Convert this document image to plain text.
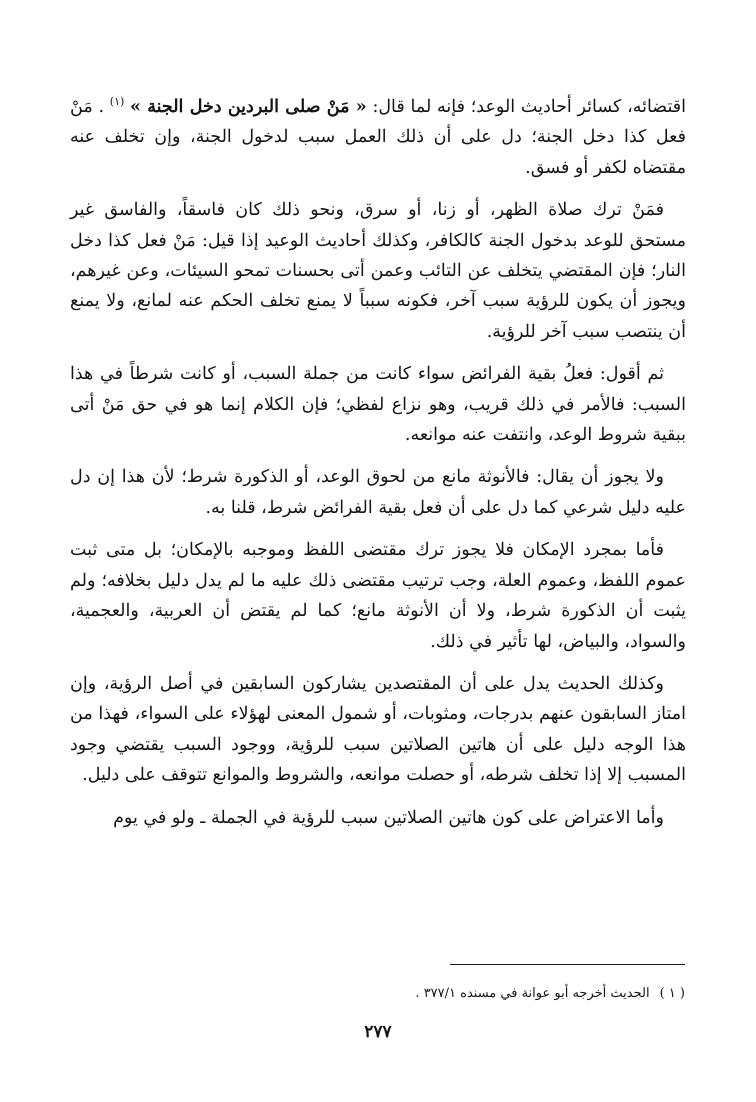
اقتضائه، كسائر أحاديث الوعد؛ فإنه لما قال: « مَنْ صلى البردين دخل الجنة » $^{(١)}$ . مَنْ فعل كذا دخل الجنة؛ دل على أن ذلك العمل سبب لدخول الجنة، وإن تخلف عنه مقتضاه لكفر أو فسق.

فمَنْ ترك صلاة الظهر، أو زنا، أو سرق، ونحو ذلك كان فاسقاً، والفاسق غير مستحق للوعد بدخول الجنة كالكافر، وكذلك أحاديث الوعيد إذا قيل: مَنْ فعل كذا دخل النار؛ فإن المقتضي يتخلف عن التائب وعمن أتى بحسنات تمحو السيئات، وعن غيرهم، ويجوز أن يكون للرؤية سبب آخر، فكونه سبباً لا يمنع تخلف الحكم عنه لمانع، ولا يمنع أن ينتصب سبب آخر للرؤية.

ثم أقول: فعلُ بقية الفرائض سواء كانت من جملة السبب، أو كانت شرطاً في هذا السبب: فالأمر في ذلك قريب، وهو نزاع لفظي؛ فإن الكلام إنما هو في حق مَنْ أتى ببقية شروط الوعد، وانتفت عنه موانعه.

ولا يجوز أن يقال: فالأنوثة مانع من لحوق الوعد، أو الذكورة شرط؛ لأن هذا إن دل عليه دليل شرعي كما دل على أن فعل بقية الفرائض شرط، قلنا به.

فأما بمجرد الإمكان فلا يجوز ترك مقتضى اللفظ وموجبه بالإمكان؛ بل متى ثبت عموم اللفظ، وعموم العلة، وجب ترتيب مقتضى ذلك عليه ما لم يدل دليل بخلافه؛ ولم يثبت أن الذكورة شرط، ولا أن الأنوثة مانع؛ كما لم يقتض أن العربية، والعجمية، والسواد، والبياض، لها تأثير في ذلك.

وكذلك الحديث يدل على أن المقتصدين يشاركون السابقين في أصل الرؤية، وإن امتاز السابقون عنهم بدرجات، ومثوبات، أو شمول المعنى لهؤلاء على السواء، فهذا من هذا الوجه دليل على أن هاتين الصلاتين سبب للرؤية، ووجود السبب يقتضي وجود المسبب إلا إذا تخلف شرطه، أو حصلت موانعه، والشروط والموانع تتوقف على دليل.

وأما الاعتراض على كون هاتين الصلاتين سبب للرؤية في الجملة ـ ولو في يوم

( ١ )الحديث أخرجه أبو عوانة في مسنده ٣٧٧/١ .
٢٧٧
